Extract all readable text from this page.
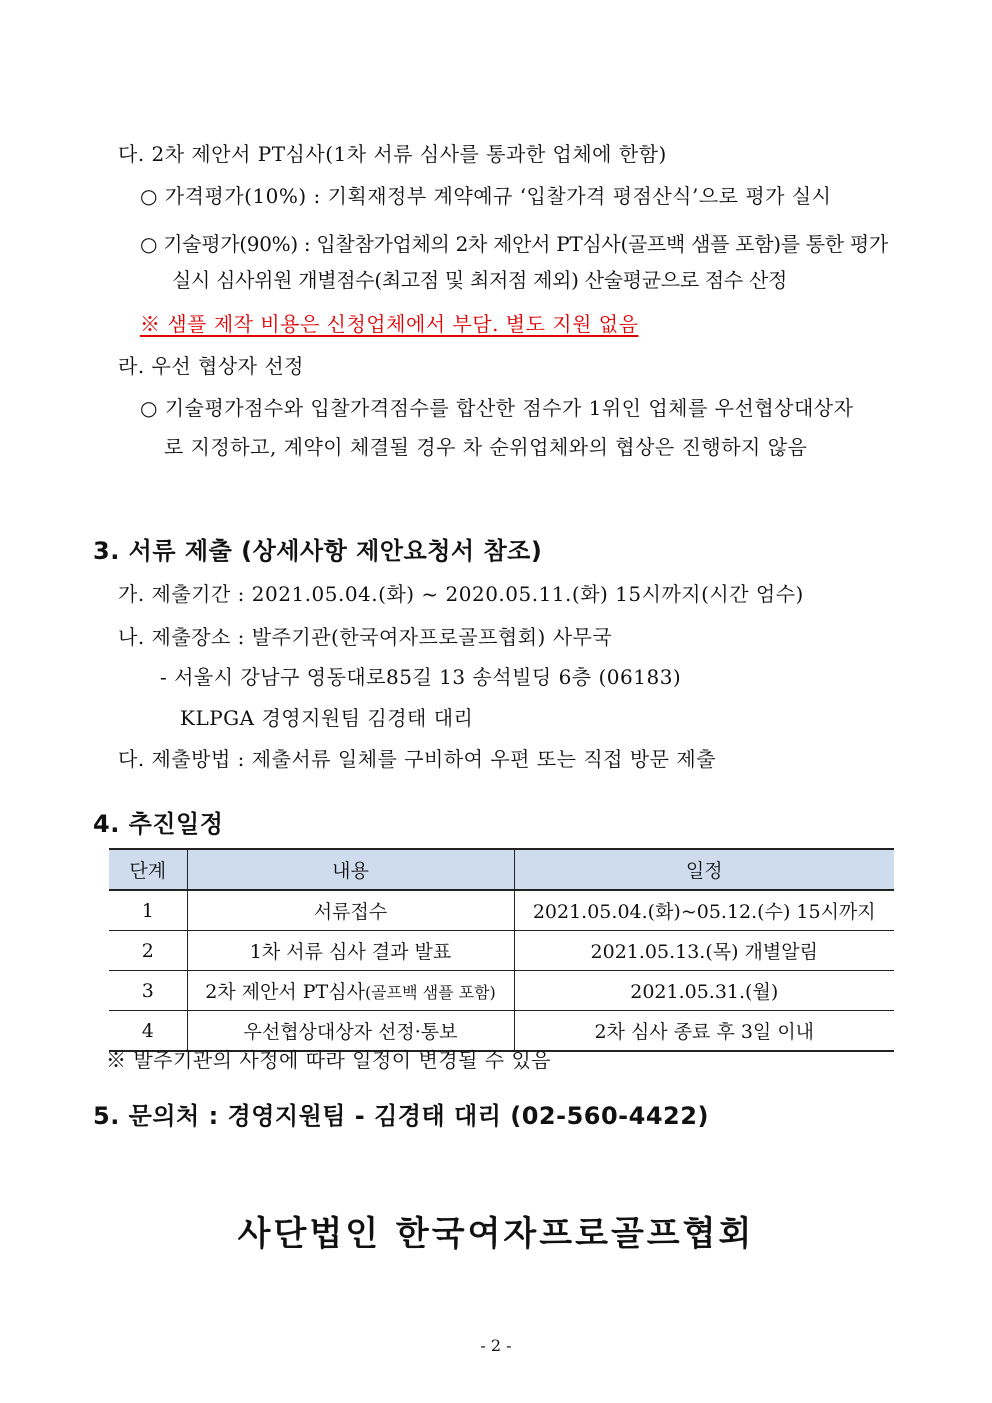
다. 2차 제안서 PT심사(1차 서류 심사를 통과한 업체에 한함)
○ 가격평가(10%) : 기획재정부 계약예규 ‘입찰가격 평점산식’으로 평가 실시
○ 기술평가(90%) : 입찰참가업체의 2차 제안서 PT심사(골프백 샘플 포함)를 통한 평가
실시 심사위원 개별점수(최고점 및 최저점 제외) 산술평균으로 점수 산정
※ 샘플 제작 비용은 신청업체에서 부담. 별도 지원 없음
라. 우선 협상자 선정
○ 기술평가점수와 입찰가격점수를 합산한 점수가 1위인 업체를 우선협상대상자
로 지정하고, 계약이 체결될 경우 차 순위업체와의 협상은 진행하지 않음
3. 서류 제출 (상세사항 제안요청서 참조)
가. 제출기간 : 2021.05.04.(화) ~ 2020.05.11.(화) 15시까지(시간 엄수)
나. 제출장소 : 발주기관(한국여자프로골프협회) 사무국
- 서울시 강남구 영동대로85길 13 송석빌딩 6층 (06183)
KLPGA 경영지원팀 김경태 대리
다. 제출방법 : 제출서류 일체를 구비하여 우편 또는 직접 방문 제출
4. 추진일정
단계	내용	일정
1	서류접수	2021.05.04.(화)~05.12.(수) 15시까지
2	1차 서류 심사 결과 발표	2021.05.13.(목) 개별알림
3	2차 제안서 PT심사(골프백 샘플 포함)	2021.05.31.(월)
4	우선협상대상자 선정·통보	2차 심사 종료 후 3일 이내
※ 발주기관의 사정에 따라 일정이 변경될 수 있음
5. 문의처 : 경영지원팀 - 김경태 대리 (02-560-4422)
사단법인 한국여자프로골프협회
- 2 -
